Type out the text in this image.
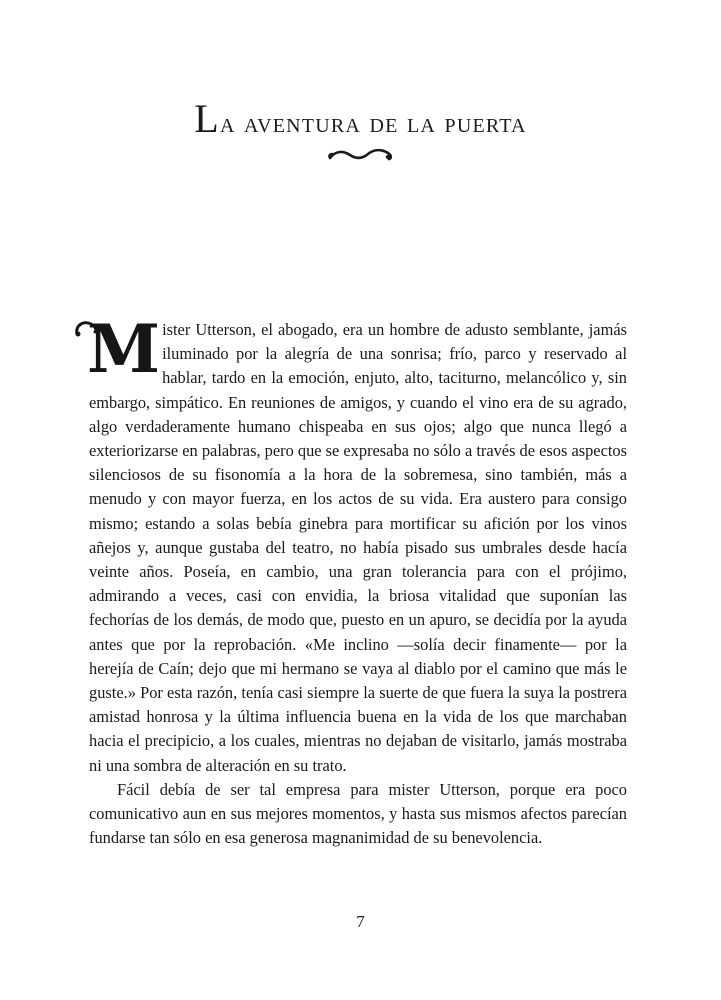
La aventura de la puerta

Mister Utterson, el abogado, era un hombre de adusto semblante, jamás iluminado por la alegría de una sonrisa; frío, parco y reservado al hablar, tardo en la emoción, enjuto, alto, taciturno, melancólico y, sin embargo, simpático. En reuniones de amigos, y cuando el vino era de su agrado, algo verdaderamente humano chispeaba en sus ojos; algo que nunca llegó a exteriorizarse en palabras, pero que se expresaba no sólo a través de esos aspectos silenciosos de su fisonomía a la hora de la sobremesa, sino también, más a menudo y con mayor fuerza, en los actos de su vida. Era austero para consigo mismo; estando a solas bebía ginebra para mortificar su afición por los vinos añejos y, aunque gustaba del teatro, no había pisado sus umbrales desde hacía veinte años. Poseía, en cambio, una gran tolerancia para con el prójimo, admirando a veces, casi con envidia, la briosa vitalidad que suponían las fechorías de los demás, de modo que, puesto en un apuro, se decidía por la ayuda antes que por la reprobación. «Me inclino —solía decir finamente— por la herejía de Caín; dejo que mi hermano se vaya al diablo por el camino que más le guste.» Por esta razón, tenía casi siempre la suerte de que fuera la suya la postrera amistad honrosa y la última influencia buena en la vida de los que marchaban hacia el precipicio, a los cuales, mientras no dejaban de visitarlo, jamás mostraba ni una sombra de alteración en su trato.

Fácil debía de ser tal empresa para mister Utterson, porque era poco comunicativo aun en sus mejores momentos, y hasta sus mismos afectos parecían fundarse tan sólo en esa generosa magnanimidad de su benevolencia.

7
